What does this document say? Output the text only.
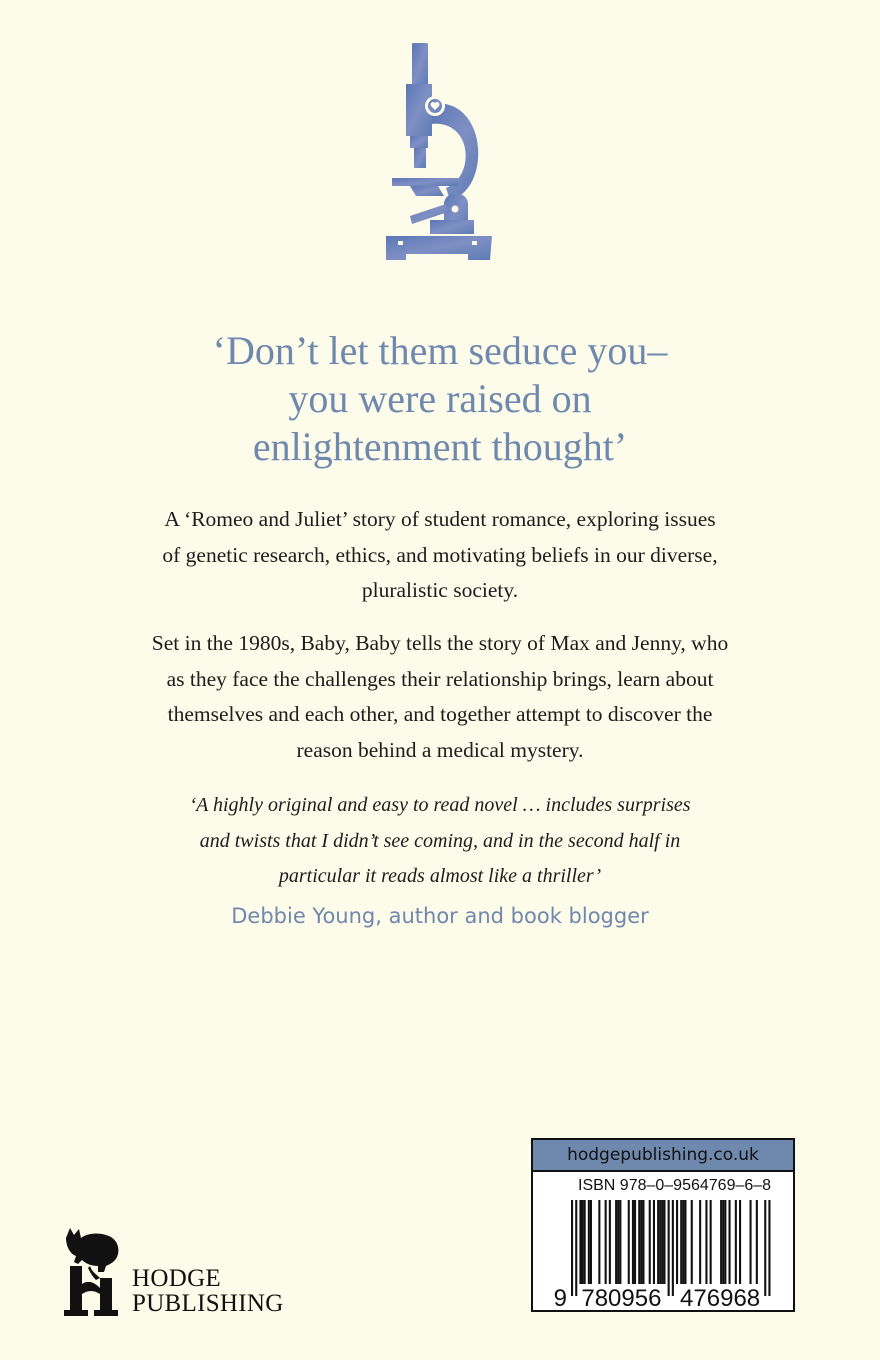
‘Don’t let them seduce you–
you were raised on
enlightenment thought’
A ‘Romeo and Juliet’ story of student romance, exploring issues
of genetic research, ethics, and motivating beliefs in our diverse,
pluralistic society.
Set in the 1980s, Baby, Baby tells the story of Max and Jenny, who
as they face the challenges their relationship brings, learn about
themselves and each other, and together attempt to discover the
reason behind a medical mystery.
‘A highly original and easy to read novel … includes surprises
and twists that I didn’t see coming, and in the second half in
particular it reads almost like a thriller’
Debbie Young, author and book blogger
HODGE
PUBLISHING
hodgepublishing.co.uk
ISBN 978–0–9564769–6–8
9 780956 476968
